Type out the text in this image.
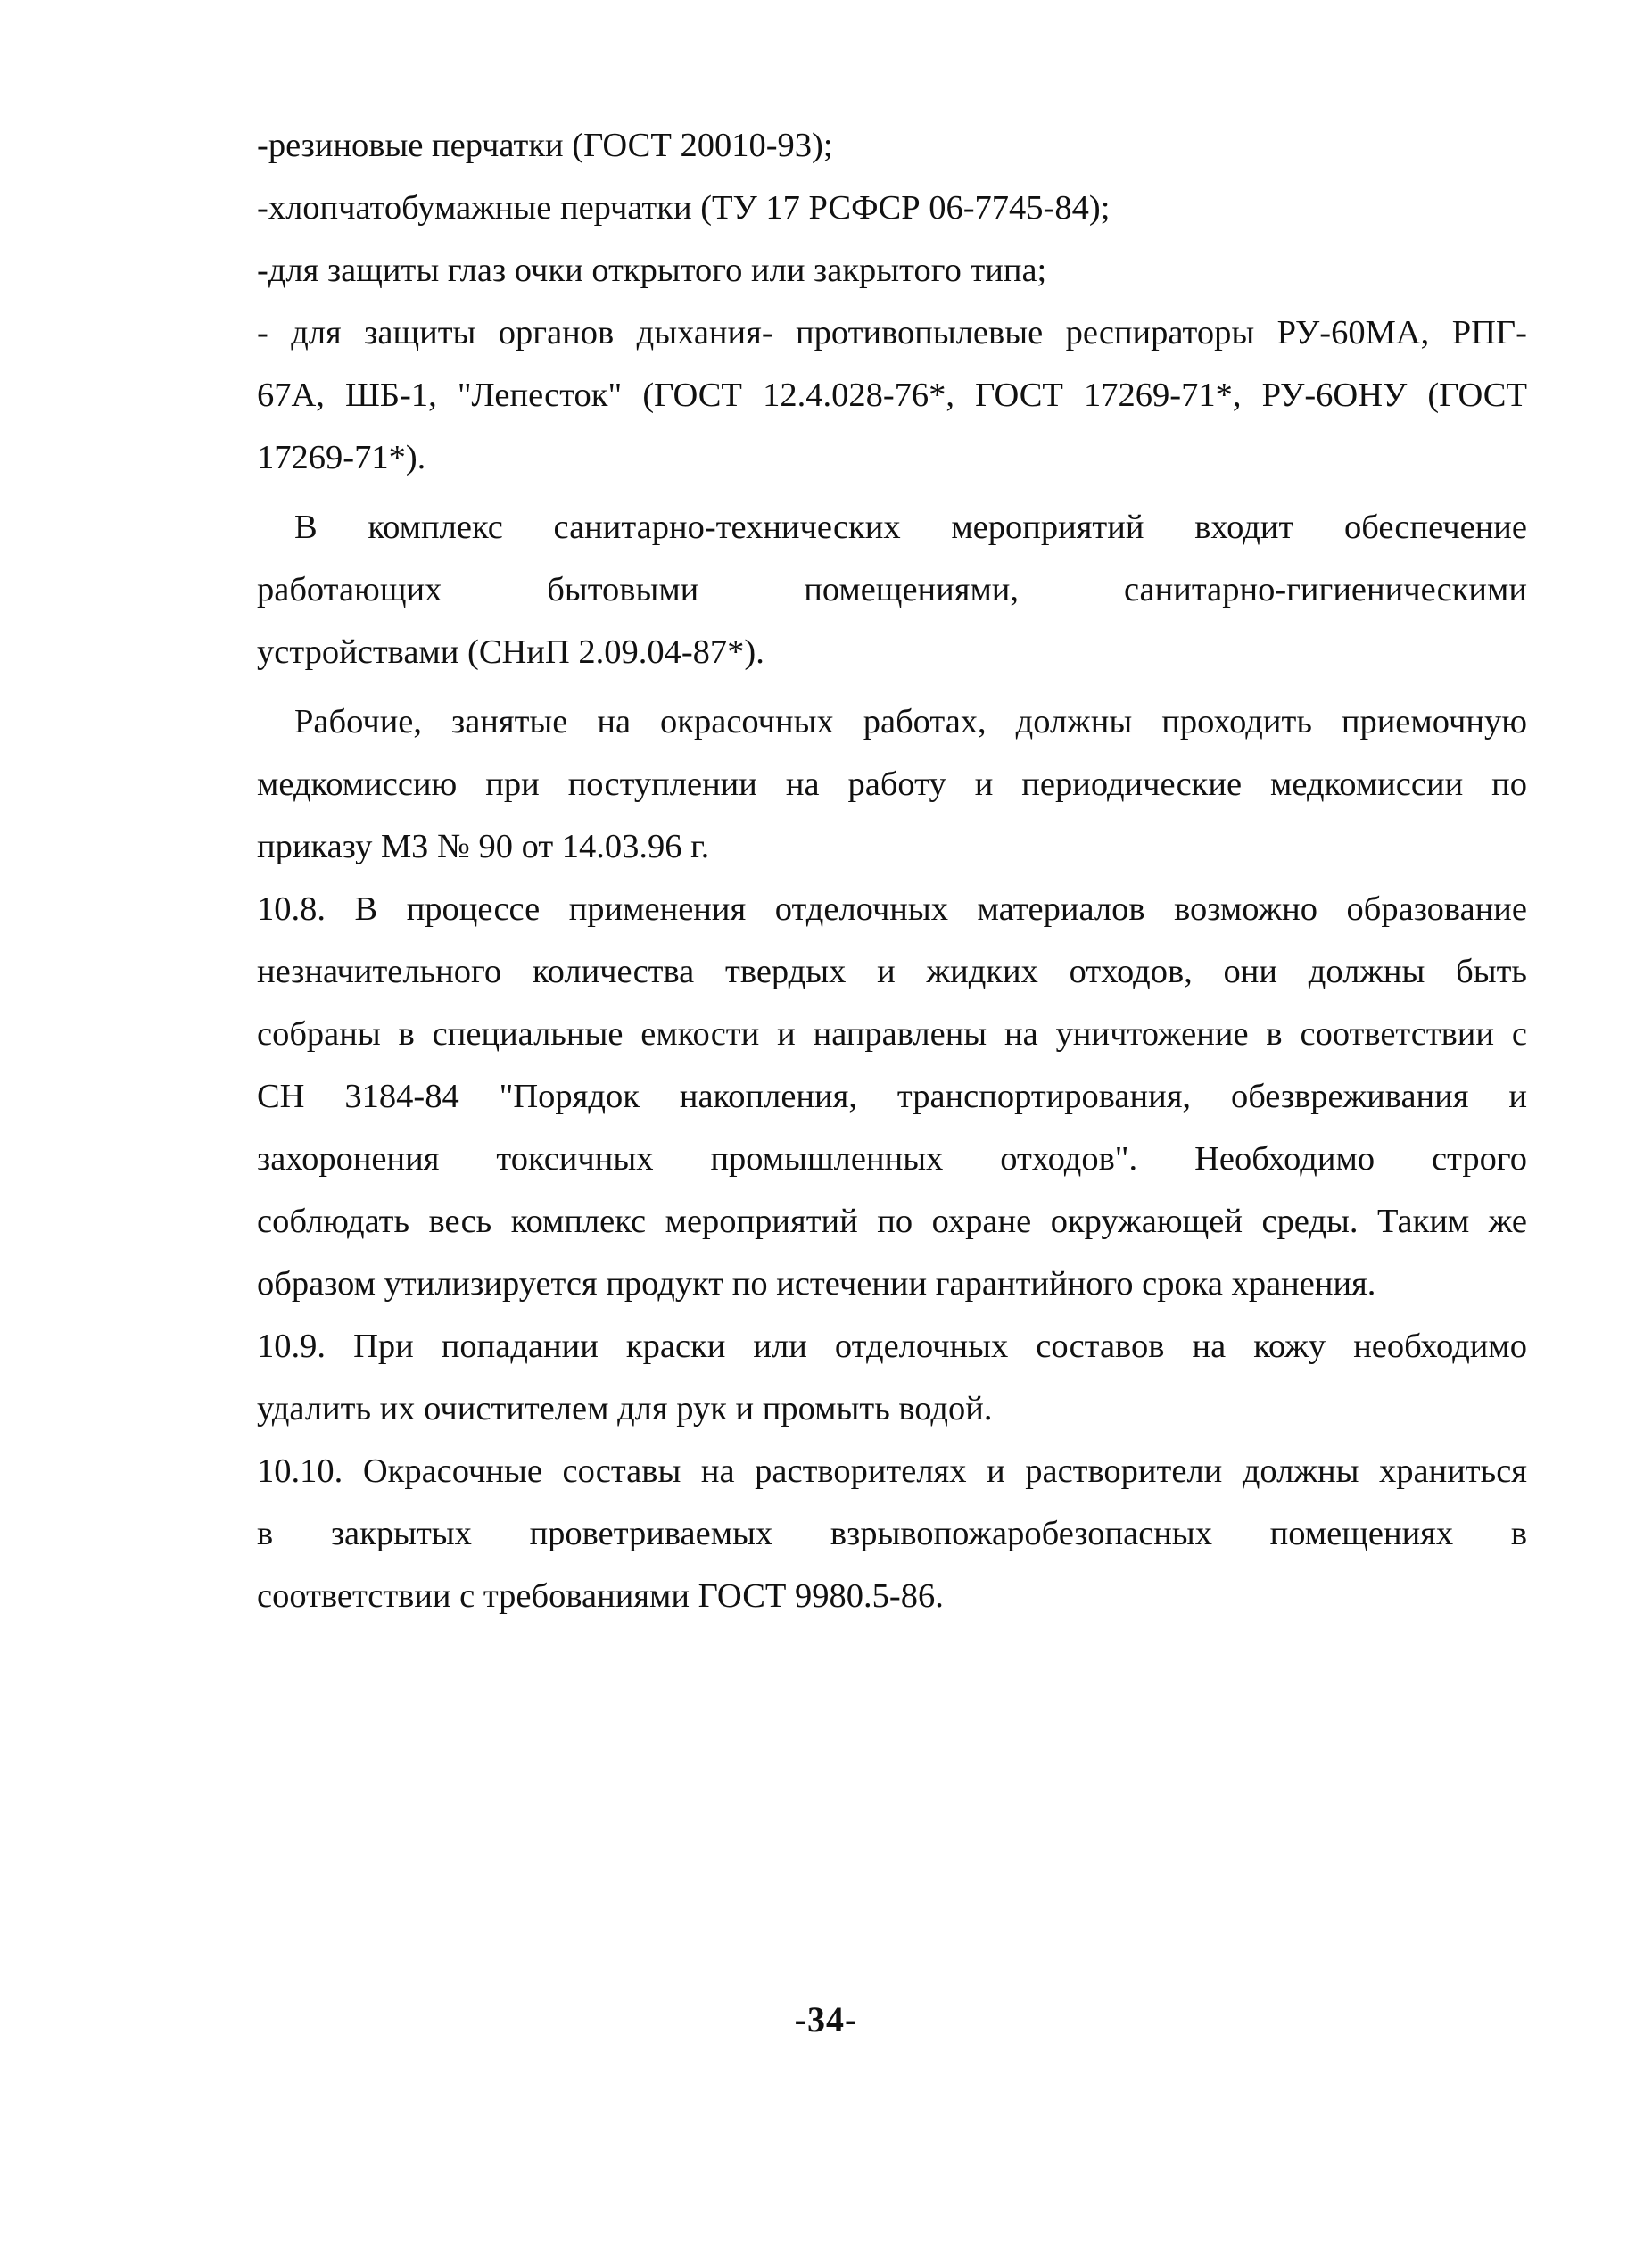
-резиновые перчатки (ГОСТ 20010-93);
-хлопчатобумажные перчатки (ТУ 17 РСФСР 06-7745-84);
-для защиты глаз очки открытого или закрытого типа;
- для защиты органов дыхания- противопылевые респираторы РУ-60МА, РПГ-
67А, ШБ-1, "Лепесток" (ГОСТ 12.4.028-76*, ГОСТ 17269-71*, РУ-6ОНУ (ГОСТ
17269-71*).
В комплекс санитарно-технических мероприятий входит обеспечение
работающих бытовыми помещениями, санитарно-гигиеническими
устройствами (СНиП 2.09.04-87*).
Рабочие, занятые на окрасочных работах, должны проходить приемочную
медкомиссию при поступлении на работу и периодические медкомиссии по
приказу МЗ № 90 от 14.03.96 г.
10.8. В процессе применения отделочных материалов возможно образование
незначительного количества твердых и жидких отходов, они должны быть
собраны в специальные емкости и направлены на уничтожение в соответствии с
СН 3184-84 "Порядок накопления, транспортирования, обезвреживания и
захоронения токсичных промышленных отходов". Необходимо строго
соблюдать весь комплекс мероприятий по охране окружающей среды. Таким же
образом утилизируется продукт по истечении гарантийного срока хранения.
10.9. При попадании краски или отделочных составов на кожу необходимо
удалить их очистителем для рук и промыть водой.
10.10. Окрасочные составы на растворителях и растворители должны храниться
в закрытых проветриваемых взрывопожаробезопасных помещениях в
соответствии с требованиями ГОСТ 9980.5-86.
-34-
